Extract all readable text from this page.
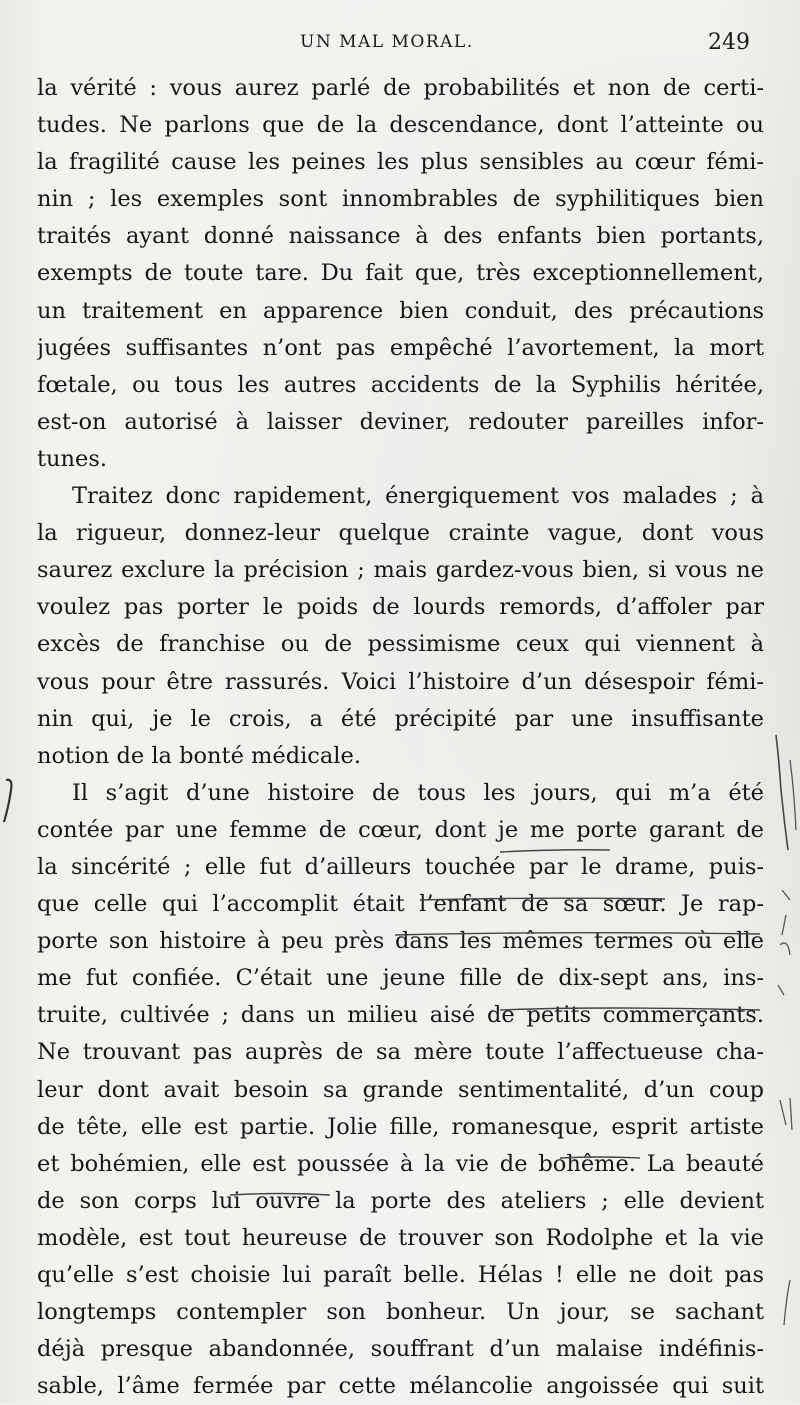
UN MAL MORAL.	249
la vérité : vous aurez parlé de probabilités et non de certi-
tudes. Ne parlons que de la descendance, dont l’atteinte ou
la fragilité cause les peines les plus sensibles au cœur fémi-
nin ; les exemples sont innombrables de syphilitiques bien
traités ayant donné naissance à des enfants bien portants,
exempts de toute tare. Du fait que, très exceptionnellement,
un traitement en apparence bien conduit, des précautions
jugées suffisantes n’ont pas empêché l’avortement, la mort
fœtale, ou tous les autres accidents de la Syphilis héritée,
est-on autorisé à laisser deviner, redouter pareilles infor-
tunes.
Traitez donc rapidement, énergiquement vos malades ; à
la rigueur, donnez-leur quelque crainte vague, dont vous
saurez exclure la précision ; mais gardez-vous bien, si vous ne
voulez pas porter le poids de lourds remords, d’affoler par
excès de franchise ou de pessimisme ceux qui viennent à
vous pour être rassurés. Voici l’histoire d’un désespoir fémi-
nin qui, je le crois, a été précipité par une insuffisante
notion de la bonté médicale.
Il s’agit d’une histoire de tous les jours, qui m’a été
contée par une femme de cœur, dont je me porte garant de
la sincérité ; elle fut d’ailleurs touchée par le drame, puis-
que celle qui l’accomplit était l’enfant de sa sœur. Je rap-
porte son histoire à peu près dans les mêmes termes où elle
me fut confiée. C’était une jeune fille de dix-sept ans, ins-
truite, cultivée ; dans un milieu aisé de petits commerçants.
Ne trouvant pas auprès de sa mère toute l’affectueuse cha-
leur dont avait besoin sa grande sentimentalité, d’un coup
de tête, elle est partie. Jolie fille, romanesque, esprit artiste
et bohémien, elle est poussée à la vie de bohême. La beauté
de son corps lui ouvre la porte des ateliers ; elle devient
modèle, est tout heureuse de trouver son Rodolphe et la vie
qu’elle s’est choisie lui paraît belle. Hélas ! elle ne doit pas
longtemps contempler son bonheur. Un jour, se sachant
déjà presque abandonnée, souffrant d’un malaise indéfinis-
sable, l’âme fermée par cette mélancolie angoissée qui suit
